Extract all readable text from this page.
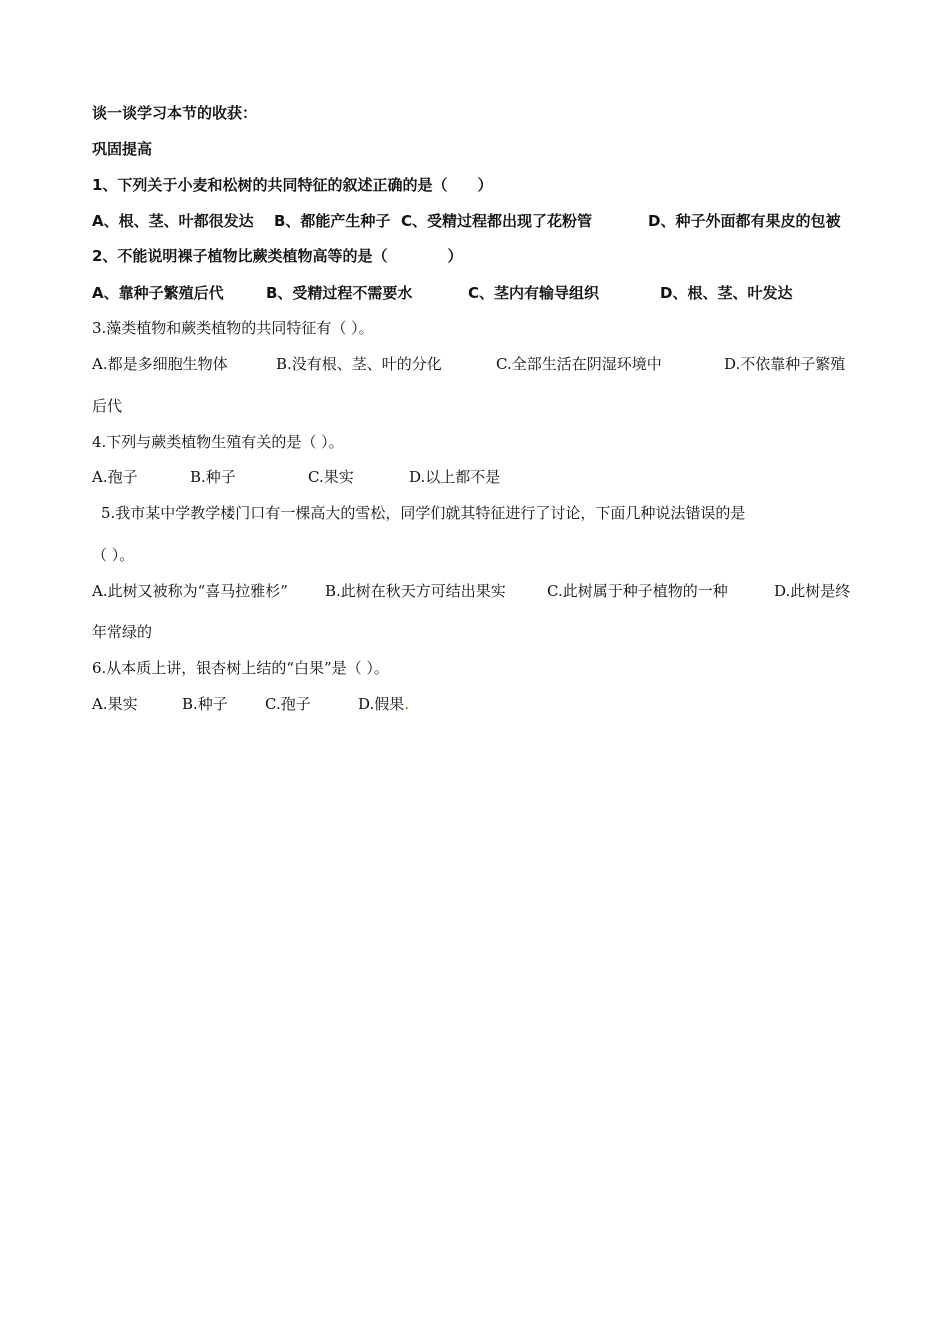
谈一谈学习本节的收获：
巩固提高
1、下列关于小麦和松树的共同特征的叙述正确的是（　　）
A、根、茎、叶都很发达 B、都能产生种子 C、受精过程都出现了花粉管	D、种子外面都有果皮的包被
2、不能说明裸子植物比蕨类植物高等的是（　　　　）
A、靠种子繁殖后代	B、受精过程不需要水	C、茎内有输导组织	D、根、茎、叶发达
3.藻类植物和蕨类植物的共同特征有（ ）。
A.都是多细胞生物体	B.没有根、茎、叶的分化	C.全部生活在阴湿环境中	D.不依靠种子繁殖
后代
4.下列与蕨类植物生殖有关的是（ ）。
A.孢子	B.种子	C.果实	D.以上都不是
5.我市某中学教学楼门口有一棵高大的雪松，同学们就其特征进行了讨论，下面几种说法错误的是
（ ）。
A.此树又被称为“喜马拉雅杉” B.此树在秋天方可结出果实	C.此树属于种子植物的一种	D.此树是终
年常绿的
6.从本质上讲，银杏树上结的“白果”是（ ）。
A.果实	B.种子 C.孢子	D.假果.
